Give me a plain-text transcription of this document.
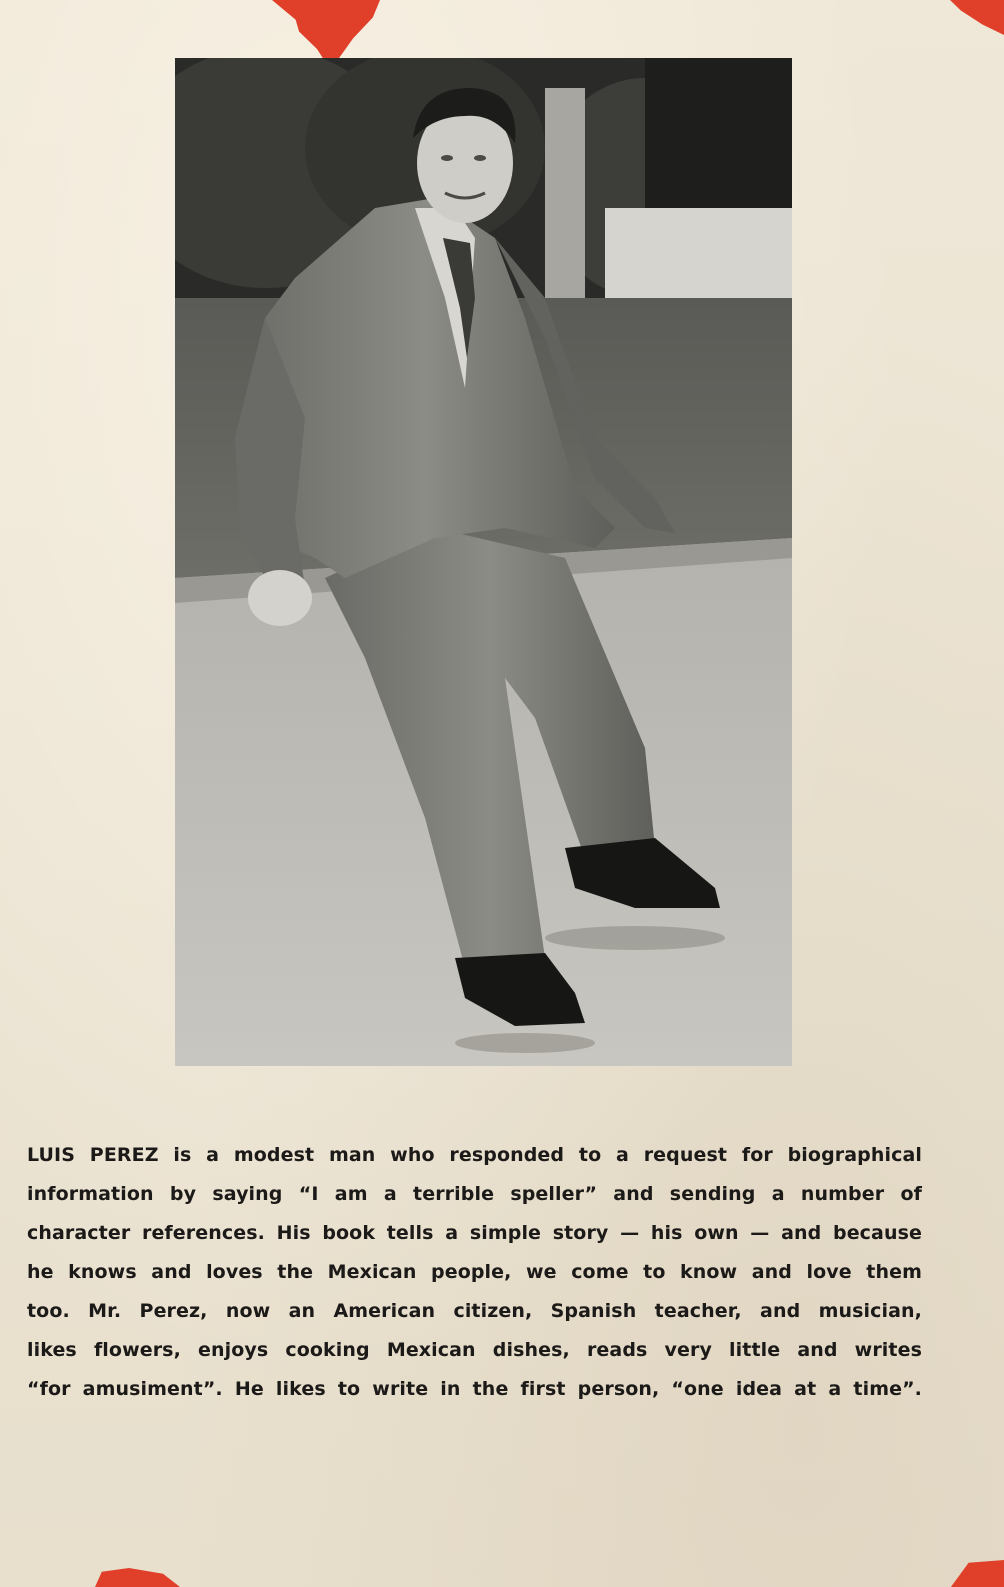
LUIS PEREZ is a modest man who responded to a request for biographical
information by saying “I am a terrible speller” and sending a number of
character references. His book tells a simple story — his own — and because
he knows and loves the Mexican people, we come to know and love them
too. Mr. Perez, now an American citizen, Spanish teacher, and musician,
likes flowers, enjoys cooking Mexican dishes, reads very little and writes
“for amusiment”. He likes to write in the first person, “one idea at a time”.
